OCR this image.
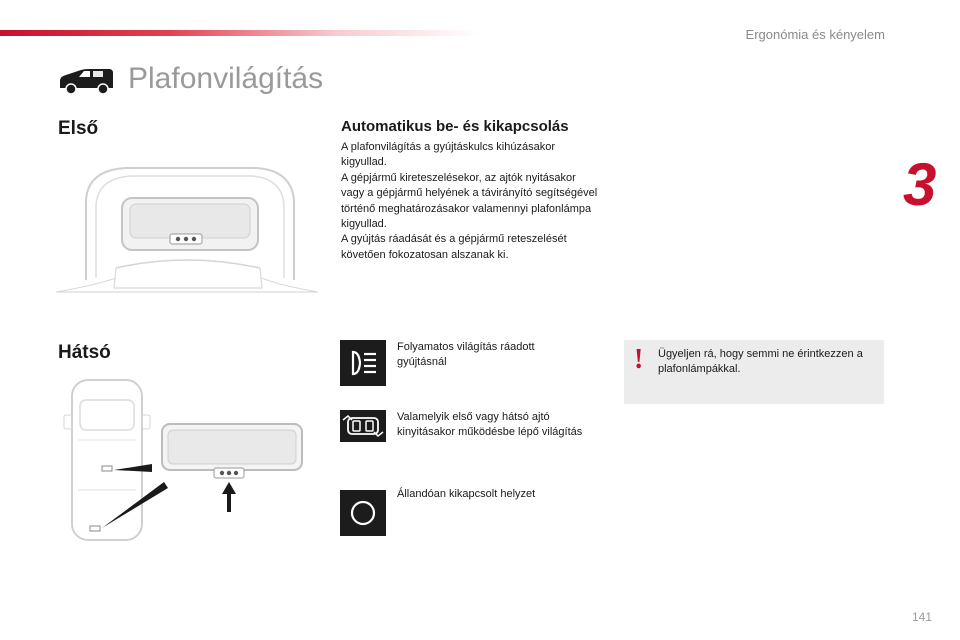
Ergonómia és kényelem
3
Plafonvilágítás
Első
Hátsó
Automatikus be- és kikapcsolás

A plafonvilágítás a gyújtáskulcs kihúzásakor kigyullad.

A gépjármű kireteszelésekor, az ajtók nyitásakor vagy a gépjármű helyének a távirányító segítségével történő meghatározásakor valamennyi plafonlámpa kigyullad.

A gyújtás ráadását és a gépjármű reteszelését követően fokozatosan alszanak ki.

Folyamatos világítás ráadott gyújtásnál
Valamelyik első vagy hátsó ajtó kinyitásakor működésbe lépő világítás
Állandóan kikapcsolt helyzet
! Ügyeljen rá, hogy semmi ne érintkezzen a plafonlámpákkal.
141
